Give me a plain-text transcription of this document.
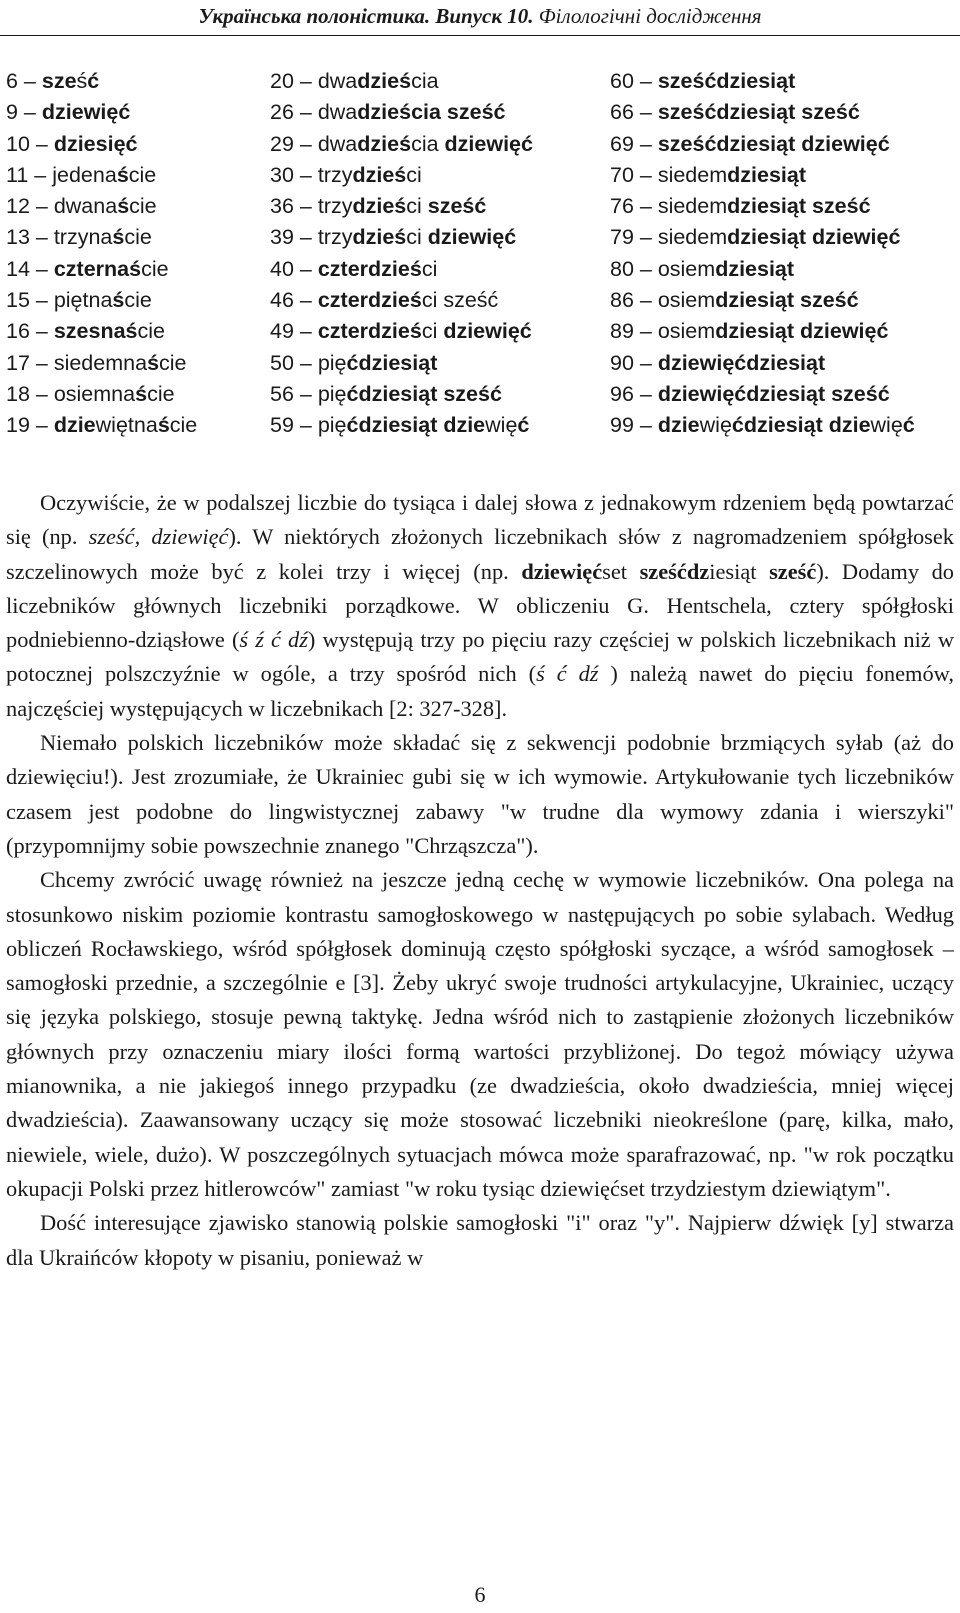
Українська полоністика. Випуск 10. Філологічні дослідження
6 – sześć	20 – dwadzieścia	60 – sześćdziesiąt
9 – dziewięć	26 – dwadzieścia sześć	66 – sześćdziesiąt sześć
10 – dziesięć	29 – dwadzieścia dziewięć	69 – sześćdziesiąt dziewięć
11 – jedenaście	30 – trzydzieści	70 – siedemdziesiąt
12 – dwanaście	36 – trzydzieści sześć	76 – siedemdziesiąt sześć
13 – trzynaście	39 – trzydzieści dziewięć	79 – siedemdziesiąt dziewięć
14 – czternaście	40 – czterdzieści	80 – osiemdziesiąt
15 – piętnaście	46 – czterdzieści sześć	86 – osiemdziesiąt sześć
16 – szesnaście	49 – czterdzieści dziewięć	89 – osiemdziesiąt dziewięć
17 – siedemnaście	50 – pięćdziesiąt	90 – dziewięćdziesiąt
18 – osiemnaście	56 – pięćdziesiąt sześć	96 – dziewięćdziesiąt sześć
19 – dziewiętnaście	59 – pięćdziesiąt dziewięć	99 – dziewięćdziesiąt dziewięć

Oczywiście, że w podalszej liczbie do tysiąca i dalej słowa z jednakowym rdzeniem będą powtarzać się (np. sześć, dziewięć). W niektórych złożonych liczebnikach słów z nagromadzeniem spółgłosek szczelinowych może być z kolei trzy i więcej (np. dziewięćset sześćdziesiąt sześć). Dodamy do liczebników głównych liczebniki porządkowe. W obliczeniu G. Hentschela, cztery spółgłoski podniebienno-dziąsłowe (ś ź ć dź) występują trzy po pięciu razy częściej w polskich liczebnikach niż w potocznej polszczyźnie w ogóle, a trzy spośród nich (ś ć dź ) należą nawet do pięciu fonemów, najczęściej występujących w liczebnikach [2: 327-328].

Niemało polskich liczebników może składać się z sekwencji podobnie brzmiących syłab (aż do dziewięciu!). Jest zrozumiałe, że Ukrainiec gubi się w ich wymowie. Artykułowanie tych liczebników czasem jest podobne do lingwistycznej zabawy "w trudne dla wymowy zdania i wierszyki" (przypomnijmy sobie powszechnie znanego "Chrząszcza").

Chcemy zwrócić uwagę również na jeszcze jedną cechę w wymowie liczebników. Ona polega na stosunkowo niskim poziomie kontrastu samogłoskowego w następujących po sobie sylabach. Według obliczeń Rocławskiego, wśród spółgłosek dominują często spółgłoski syczące, a wśród samogłosek – samogłoski przednie, a szczególnie e [3]. Żeby ukryć swoje trudności artykulacyjne, Ukrainiec, uczący się języka polskiego, stosuje pewną taktykę. Jedna wśród nich to zastąpienie złożonych liczebników głównych przy oznaczeniu miary ilości formą wartości przybliżonej. Do tegoż mówiący używa mianownika, a nie jakiegoś innego przypadku (ze dwadzieścia, około dwadzieścia, mniej więcej dwadzieścia). Zaawansowany uczący się może stosować liczebniki nieokreślone (parę, kilka, mało, niewiele, wiele, dużo). W poszczególnych sytuacjach mówca może sparafrazować, np. "w rok początku okupacji Polski przez hitlerowców" zamiast "w roku tysiąc dziewięćset trzydziestym dziewiątym".

Dość interesujące zjawisko stanowią polskie samogłoski "i" oraz "y". Najpierw dźwięk [y] stwarza dla Ukraińców kłopoty w pisaniu, ponieważ w

6
